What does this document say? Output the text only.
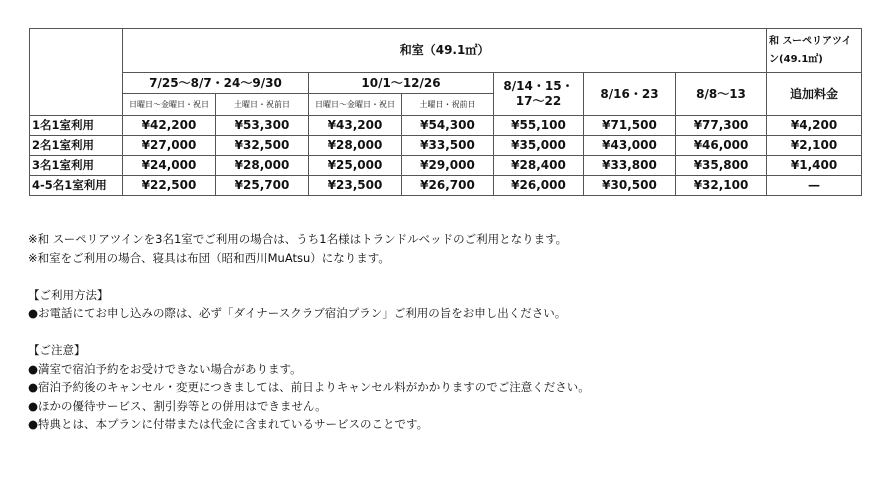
	和室（49.1㎡）							和 スーペリアツイン(49.1㎡)
	7/25〜8/7・24〜9/30		10/1〜12/26		8/14・15・17〜22	8/16・23	8/8〜13	追加料金
	日曜日〜金曜日・祝日	土曜日・祝前日	日曜日〜金曜日・祝日	土曜日・祝前日				
1名1室利用	¥42,200	¥53,300	¥43,200	¥54,300	¥55,100	¥71,500	¥77,300	¥4,200
2名1室利用	¥27,000	¥32,500	¥28,000	¥33,500	¥35,000	¥43,000	¥46,000	¥2,100
3名1室利用	¥24,000	¥28,000	¥25,000	¥29,000	¥28,400	¥33,800	¥35,800	¥1,400
4-5名1室利用	¥22,500	¥25,700	¥23,500	¥26,700	¥26,000	¥30,500	¥32,100	—
※和 スーペリアツインを3名1室でご利用の場合は、うち1名様はトランドルベッドのご利用となります。
※和室をご利用の場合、寝具は布団（昭和西川MuAtsu）になります。
【ご利用方法】
●お電話にてお申し込みの際は、必ず「ダイナースクラブ宿泊プラン」ご利用の旨をお申し出ください。
【ご注意】
●満室で宿泊予約をお受けできない場合があります。
●宿泊予約後のキャンセル・変更につきましては、前日よりキャンセル料がかかりますのでご注意ください。
●ほかの優待サービス、割引券等との併用はできません。
●特典とは、本プランに付帯または代金に含まれているサービスのことです。
